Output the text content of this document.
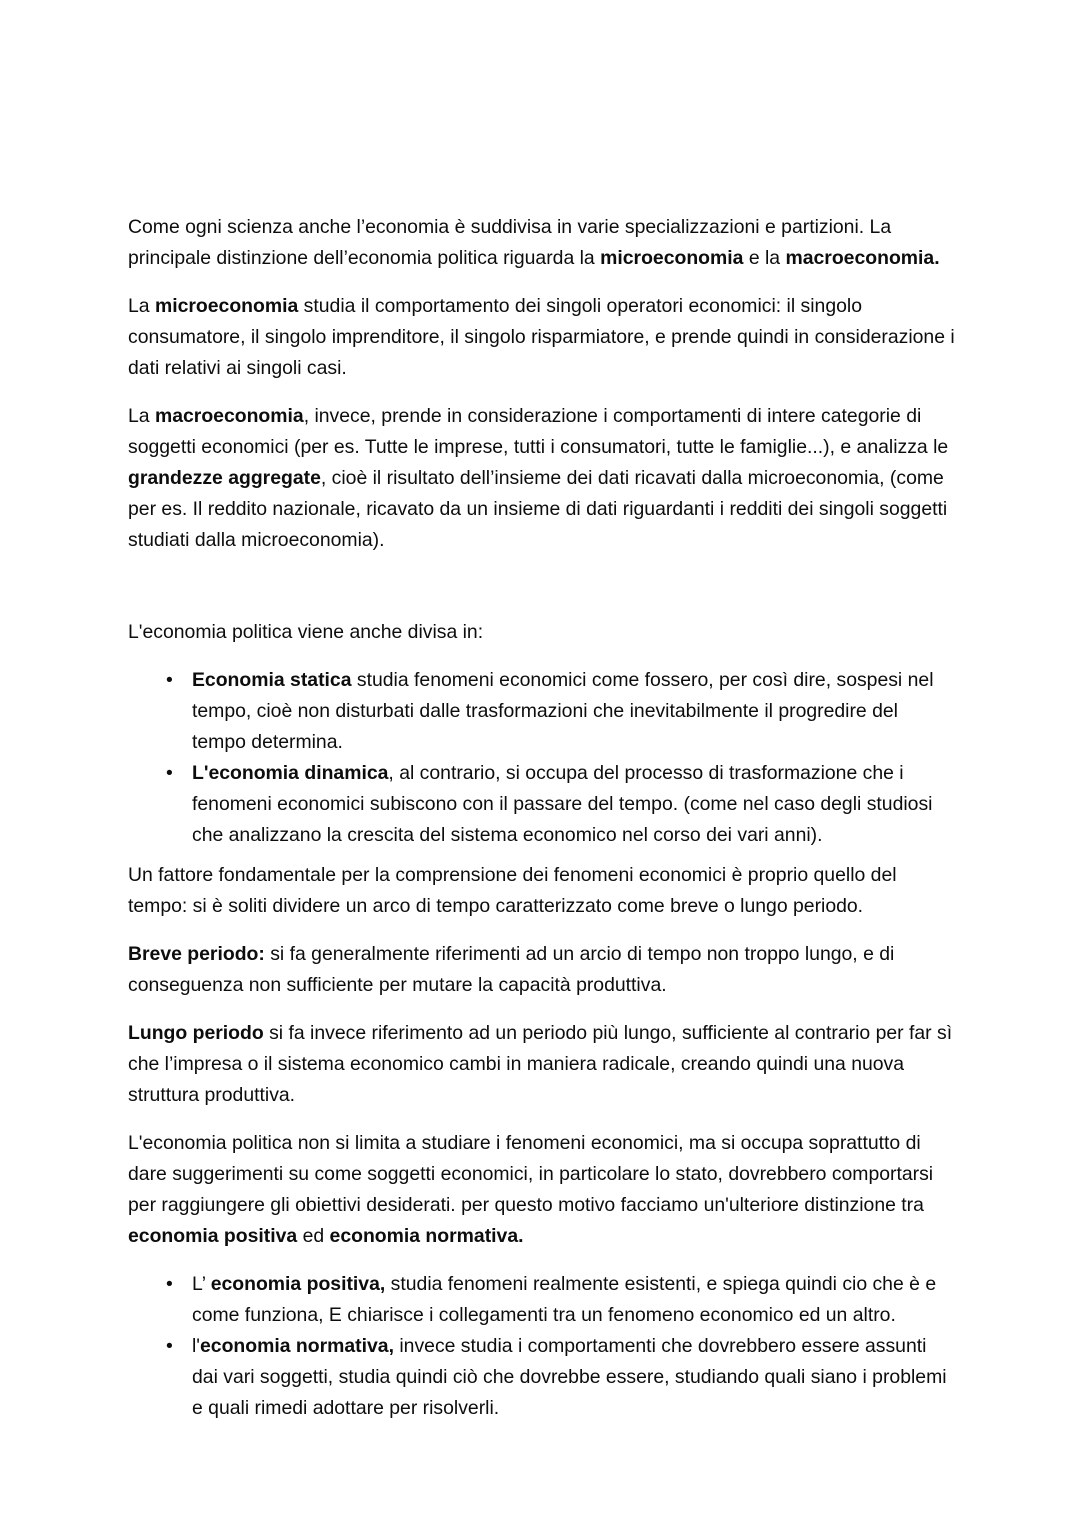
Come ogni scienza anche l’economia è suddivisa in varie specializzazioni e partizioni. La principale distinzione dell’economia politica riguarda la microeconomia e la macroeconomia.

La microeconomia studia il comportamento dei singoli operatori economici: il singolo consumatore, il singolo imprenditore, il singolo risparmiatore, e prende quindi in considerazione i dati relativi ai singoli casi.

La macroeconomia, invece, prende in considerazione i comportamenti di intere categorie di soggetti economici (per es. Tutte le imprese, tutti i consumatori, tutte le famiglie...), e analizza le grandezze aggregate, cioè il risultato dell’insieme dei dati ricavati dalla microeconomia, (come per es. Il reddito nazionale, ricavato da un insieme di dati riguardanti i redditi dei singoli soggetti studiati dalla microeconomia).

L'economia politica viene anche divisa in:

• Economia statica studia fenomeni economici come fossero, per così dire, sospesi nel tempo, cioè non disturbati dalle trasformazioni che inevitabilmente il progredire del tempo determina.
• L'economia dinamica, al contrario, si occupa del processo di trasformazione che i fenomeni economici subiscono con il passare del tempo. (come nel caso degli studiosi che analizzano la crescita del sistema economico nel corso dei vari anni).

Un fattore fondamentale per la comprensione dei fenomeni economici è proprio quello del tempo: si è soliti dividere un arco di tempo caratterizzato come breve o lungo periodo.

Breve periodo: si fa generalmente riferimenti ad un arcio di tempo non troppo lungo, e di conseguenza non sufficiente per mutare la capacità produttiva.

Lungo periodo si fa invece riferimento ad un periodo più lungo, sufficiente al contrario per far sì che l’impresa o il sistema economico cambi in maniera radicale, creando quindi una nuova struttura produttiva.

L'economia politica non si limita a studiare i fenomeni economici, ma si occupa soprattutto di dare suggerimenti su come soggetti economici, in particolare lo stato, dovrebbero comportarsi per raggiungere gli obiettivi desiderati. per questo motivo facciamo un'ulteriore distinzione tra economia positiva ed economia normativa.

• L’ economia positiva, studia fenomeni realmente esistenti, e spiega quindi cio che è e come funziona, E chiarisce i collegamenti tra un fenomeno economico ed un altro.
• l'economia normativa, invece studia i comportamenti che dovrebbero essere assunti dai vari soggetti, studia quindi ciò che dovrebbe essere, studiando quali siano i problemi e quali rimedi adottare per risolverli.
